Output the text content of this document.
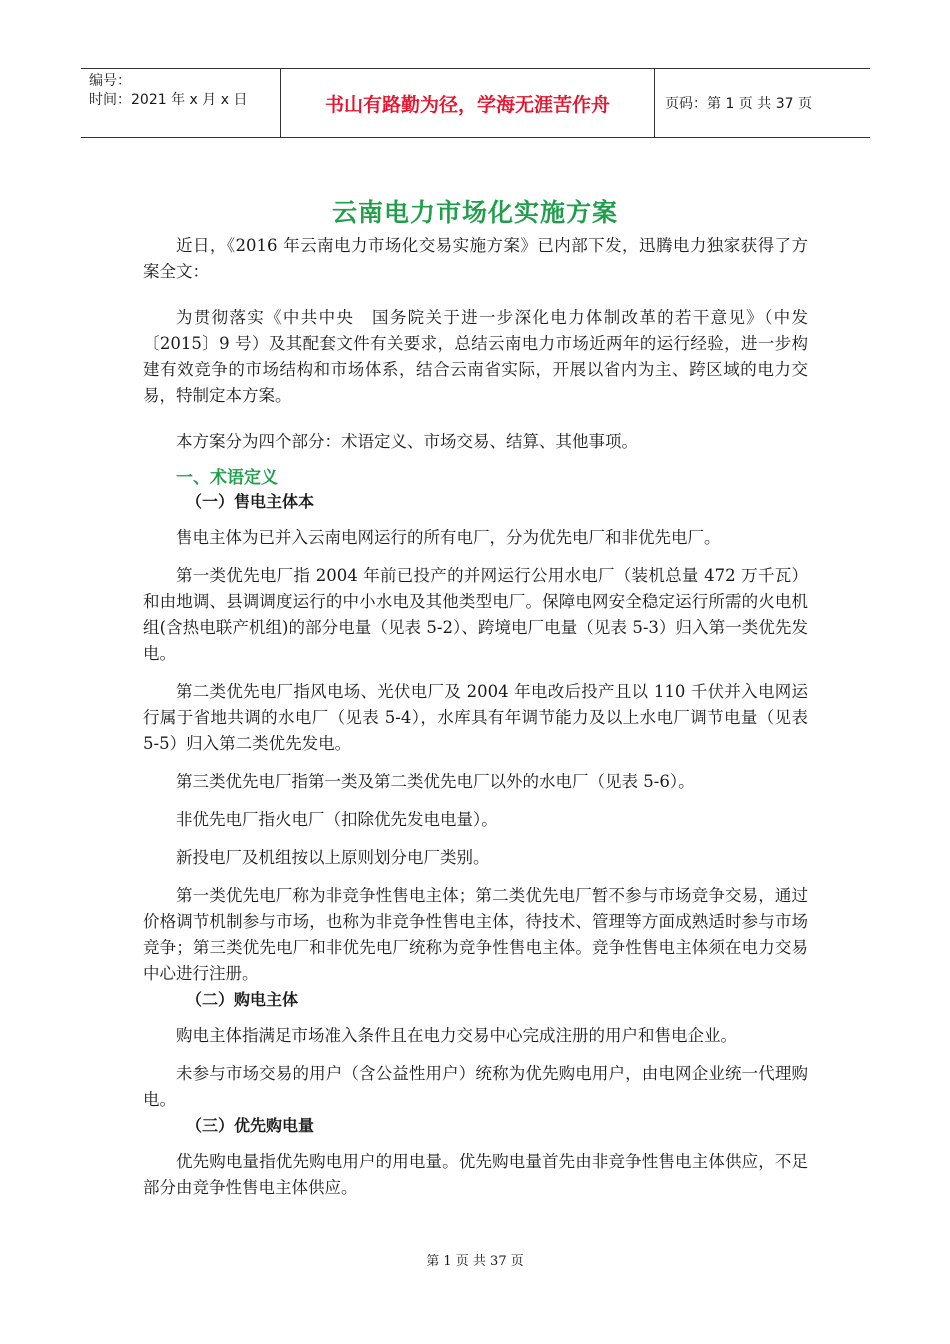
编号：
时间：2021 年 x 月 x 日	书山有路勤为径，学海无涯苦作舟	页码：第 1 页 共 37 页
云南电力市场化实施方案

近日，《2016 年云南电力市场化交易实施方案》已内部下发，迅腾电力独家获得了方案全文：

为贯彻落实《中共中央　国务院关于进一步深化电力体制改革的若干意见》（中发〔2015〕9 号）及其配套文件有关要求，总结云南电力市场近两年的运行经验，进一步构建有效竞争的市场结构和市场体系，结合云南省实际，开展以省内为主、跨区域的电力交易，特制定本方案。

本方案分为四个部分：术语定义、市场交易、结算、其他事项。

一、术语定义
（一）售电主体本

售电主体为已并入云南电网运行的所有电厂，分为优先电厂和非优先电厂。

第一类优先电厂指 2004 年前已投产的并网运行公用水电厂（装机总量 472 万千瓦）和由地调、县调调度运行的中小水电及其他类型电厂。保障电网安全稳定运行所需的火电机组(含热电联产机组)的部分电量（见表 5-2）、跨境电厂电量（见表 5-3）归入第一类优先发电。

第二类优先电厂指风电场、光伏电厂及 2004 年电改后投产且以 110 千伏并入电网运行属于省地共调的水电厂（见表 5-4），水库具有年调节能力及以上水电厂调节电量（见表 5-5）归入第二类优先发电。

第三类优先电厂指第一类及第二类优先电厂以外的水电厂（见表 5-6）。

非优先电厂指火电厂（扣除优先发电电量）。

新投电厂及机组按以上原则划分电厂类别。

第一类优先电厂称为非竞争性售电主体；第二类优先电厂暂不参与市场竞争交易，通过价格调节机制参与市场，也称为非竞争性售电主体，待技术、管理等方面成熟适时参与市场竞争；第三类优先电厂和非优先电厂统称为竞争性售电主体。竞争性售电主体须在电力交易中心进行注册。

（二）购电主体

购电主体指满足市场准入条件且在电力交易中心完成注册的用户和售电企业。

未参与市场交易的用户（含公益性用户）统称为优先购电用户，由电网企业统一代理购电。

（三）优先购电量

优先购电量指优先购电用户的用电量。优先购电量首先由非竞争性售电主体供应，不足部分由竞争性售电主体供应。

第 1 页 共 37 页
